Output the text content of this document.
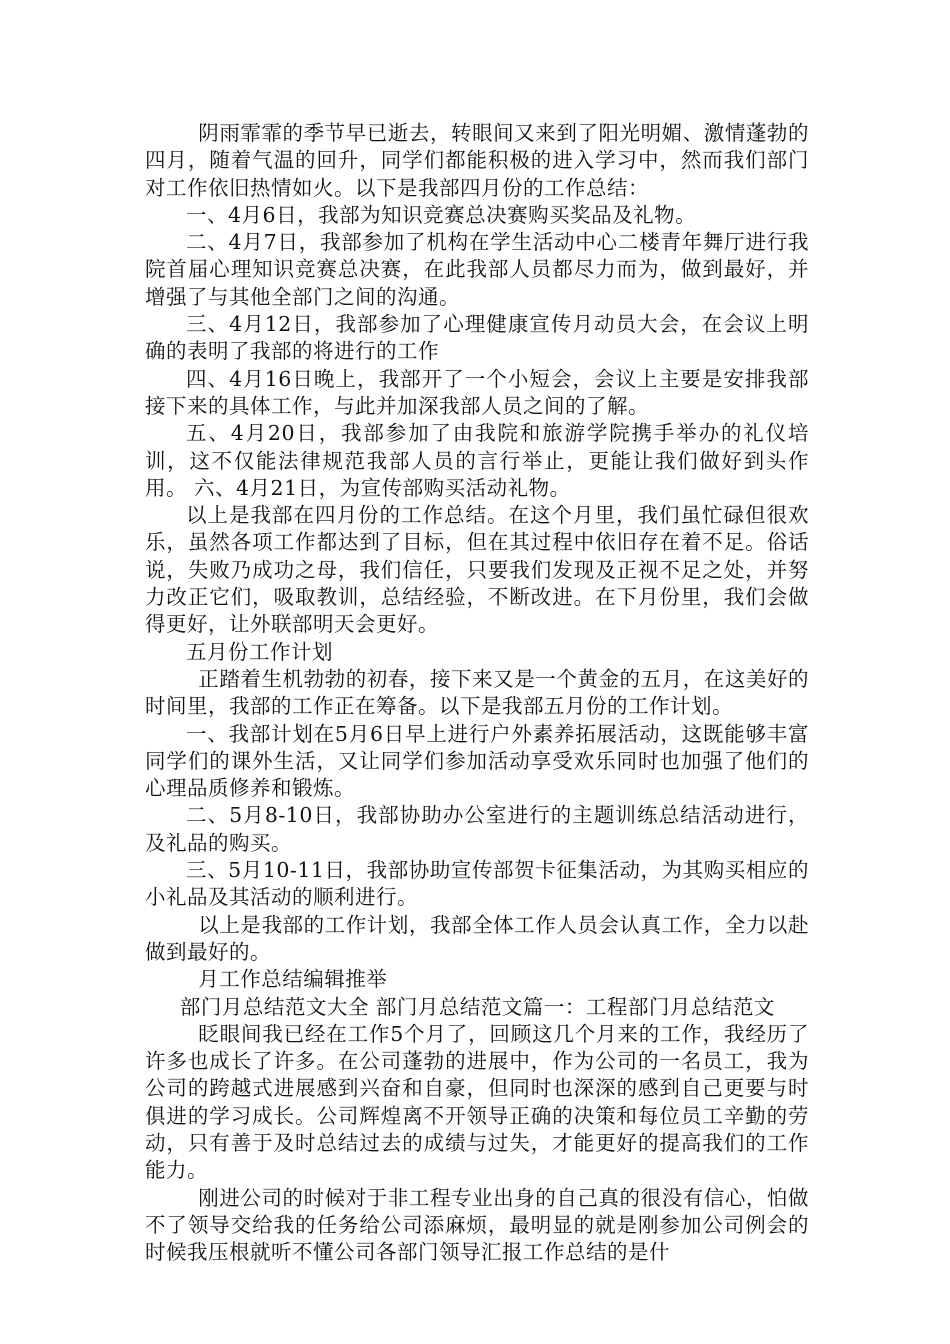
阴雨霏霏的季节早已逝去，转眼间又来到了阳光明媚、激情蓬勃的四月，随着气温的回升，同学们都能积极的进入学习中，然而我们部门对工作依旧热情如火。以下是我部四月份的工作总结：

一、4月6日，我部为知识竞赛总决赛购买奖品及礼物。

二、4月7日，我部参加了机构在学生活动中心二楼青年舞厅进行我院首届心理知识竞赛总决赛，在此我部人员都尽力而为，做到最好，并增强了与其他全部门之间的沟通。

三、4月12日，我部参加了心理健康宣传月动员大会，在会议上明确的表明了我部的将进行的工作

四、4月16日晚上，我部开了一个小短会，会议上主要是安排我部接下来的具体工作，与此并加深我部人员之间的了解。

五、4月20日，我部参加了由我院和旅游学院携手举办的礼仪培训，这不仅能法律规范我部人员的言行举止，更能让我们做好到头作用。 六、4月21日，为宣传部购买活动礼物。

以上是我部在四月份的工作总结。在这个月里，我们虽忙碌但很欢乐，虽然各项工作都达到了目标，但在其过程中依旧存在着不足。俗话说，失败乃成功之母，我们信任，只要我们发现及正视不足之处，并努力改正它们，吸取教训，总结经验，不断改进。在下月份里，我们会做得更好，让外联部明天会更好。

五月份工作计划

正踏着生机勃勃的初春，接下来又是一个黄金的五月，在这美好的时间里，我部的工作正在筹备。以下是我部五月份的工作计划。

一、我部计划在5月6日早上进行户外素养拓展活动，这既能够丰富同学们的课外生活，又让同学们参加活动享受欢乐同时也加强了他们的心理品质修养和锻炼。

二、5月8-10日，我部协助办公室进行的主题训练总结活动进行，及礼品的购买。

三、5月10-11日，我部协助宣传部贺卡征集活动，为其购买相应的小礼品及其活动的顺利进行。

以上是我部的工作计划，我部全体工作人员会认真工作，全力以赴做到最好的。

月工作总结编辑推举

部门月总结范文大全 部门月总结范文篇一：工程部门月总结范文

眨眼间我已经在工作5个月了，回顾这几个月来的工作，我经历了许多也成长了许多。在公司蓬勃的进展中，作为公司的一名员工，我为公司的跨越式进展感到兴奋和自豪，但同时也深深的感到自己更要与时俱进的学习成长。公司辉煌离不开领导正确的决策和每位员工辛勤的劳动，只有善于及时总结过去的成绩与过失，才能更好的提高我们的工作能力。

刚进公司的时候对于非工程专业出身的自己真的很没有信心，怕做不了领导交给我的任务给公司添麻烦，最明显的就是刚参加公司例会的时候我压根就听不懂公司各部门领导汇报工作总结的是什
